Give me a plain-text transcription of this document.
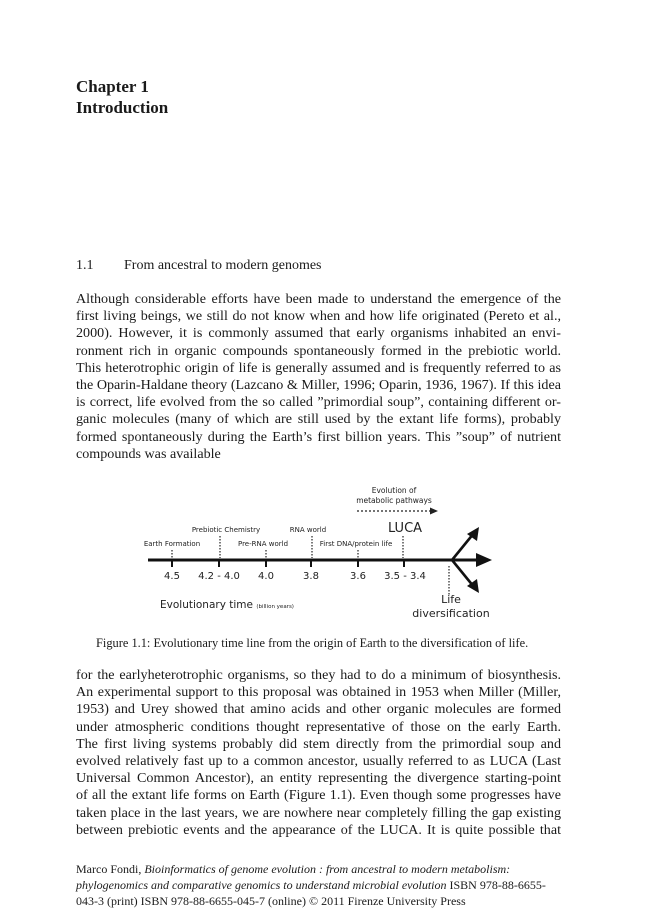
Chapter 1
Introduction
1.1 From ancestral to modern genomes
Although considerable efforts have been made to understand the emergence of the
first living beings, we still do not know when and how life originated (Pereto et al.,
2000). However, it is commonly assumed that early organisms inhabited an envi-
ronment rich in organic compounds spontaneously formed in the prebiotic world.
This heterotrophic origin of life is generally assumed and is frequently referred to as
the Oparin-Haldane theory (Lazcano & Miller, 1996; Oparin, 1936, 1967). If this idea
is correct, life evolved from the so called ”primordial soup”, containing different or-
ganic molecules (many of which are still used by the extant life forms), probably
formed spontaneously during the Earth’s first billion years. This ”soup” of nutrient
compounds was available
Evolution of
metabolic pathways
Prebiotic Chemistry	RNA world	LUCA
Earth Formation	Pre-RNA world	First DNA/protein life
4.5 4.2 - 4.0 4.0	3.8	3.6 3.5 - 3.4
Evolutionary time (billion years)
Life
diversification
Figure 1.1: Evolutionary time line from the origin of Earth to the diversification of life.
for the earlyheterotrophic organisms, so they had to do a minimum of biosynthesis.
An experimental support to this proposal was obtained in 1953 when Miller (Miller,
1953) and Urey showed that amino acids and other organic molecules are formed
under atmospheric conditions thought representative of those on the early Earth.
The first living systems probably did stem directly from the primordial soup and
evolved relatively fast up to a common ancestor, usually referred to as LUCA (Last
Universal Common Ancestor), an entity representing the divergence starting-point
of all the extant life forms on Earth (Figure 1.1). Even though some progresses have
taken place in the last years, we are nowhere near completely filling the gap existing
between prebiotic events and the appearance of the LUCA. It is quite possible that
Marco Fondi, Bioinformatics of genome evolution : from ancestral to modern metabolism:
phylogenomics and comparative genomics to understand microbial evolution ISBN 978-88-6655-
043-3 (print) ISBN 978-88-6655-045-7 (online) © 2011 Firenze University Press
